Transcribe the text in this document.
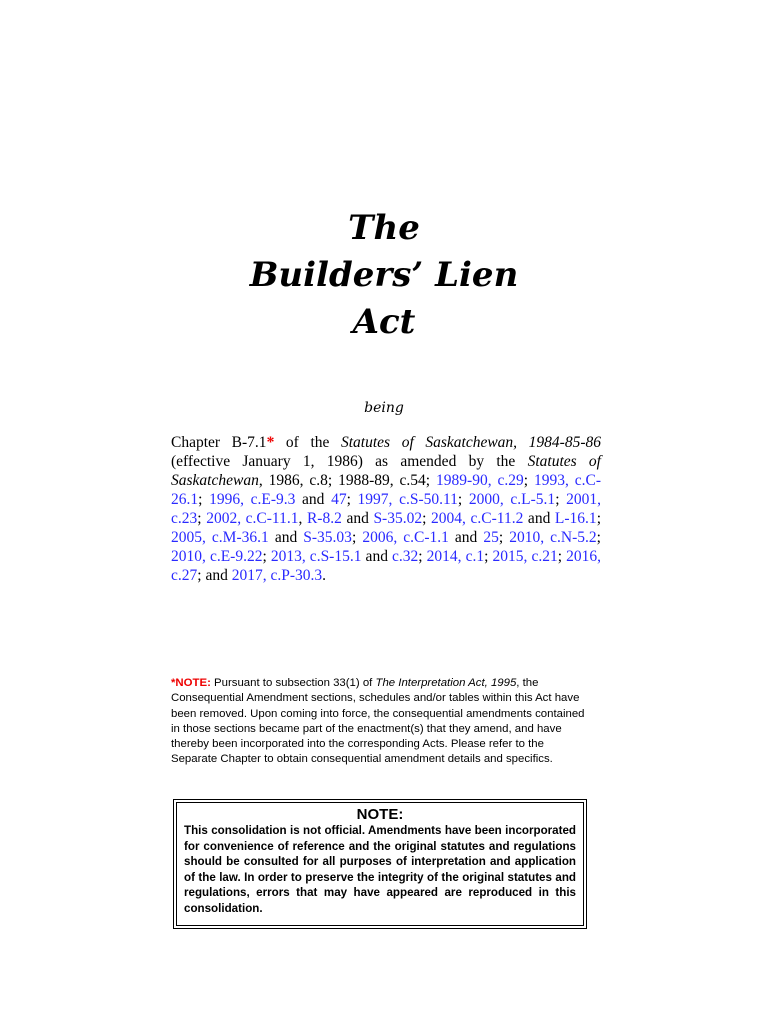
The
Builders’ Lien
Act
being
Chapter B-7.1* of the Statutes of Saskatchewan, 1984-85-86 (effective January 1, 1986) as amended by the Statutes of Saskatchewan, 1986, c.8; 1988-89, c.54; 1989-90, c.29; 1993, c.C-26.1; 1996, c.E-9.3 and 47; 1997, c.S-50.11; 2000, c.L-5.1; 2001, c.23; 2002, c.C-11.1, R-8.2 and S-35.02; 2004, c.C-11.2 and L-16.1; 2005, c.M-36.1 and S-35.03; 2006, c.C-1.1 and 25; 2010, c.N-5.2; 2010, c.E-9.22; 2013, c.S-15.1 and c.32; 2014, c.1; 2015, c.21; 2016, c.27; and 2017, c.P-30.3.
*NOTE: Pursuant to subsection 33(1) of The Interpretation Act, 1995, the Consequential Amendment sections, schedules and/or tables within this Act have been removed. Upon coming into force, the consequential amendments contained in those sections became part of the enactment(s) that they amend, and have thereby been incorporated into the corresponding Acts. Please refer to the Separate Chapter to obtain consequential amendment details and specifics.
NOTE:

This consolidation is not official. Amendments have been incorporated for convenience of reference and the original statutes and regulations should be consulted for all purposes of interpretation and application of the law. In order to preserve the integrity of the original statutes and regulations, errors that may have appeared are reproduced in this consolidation.
